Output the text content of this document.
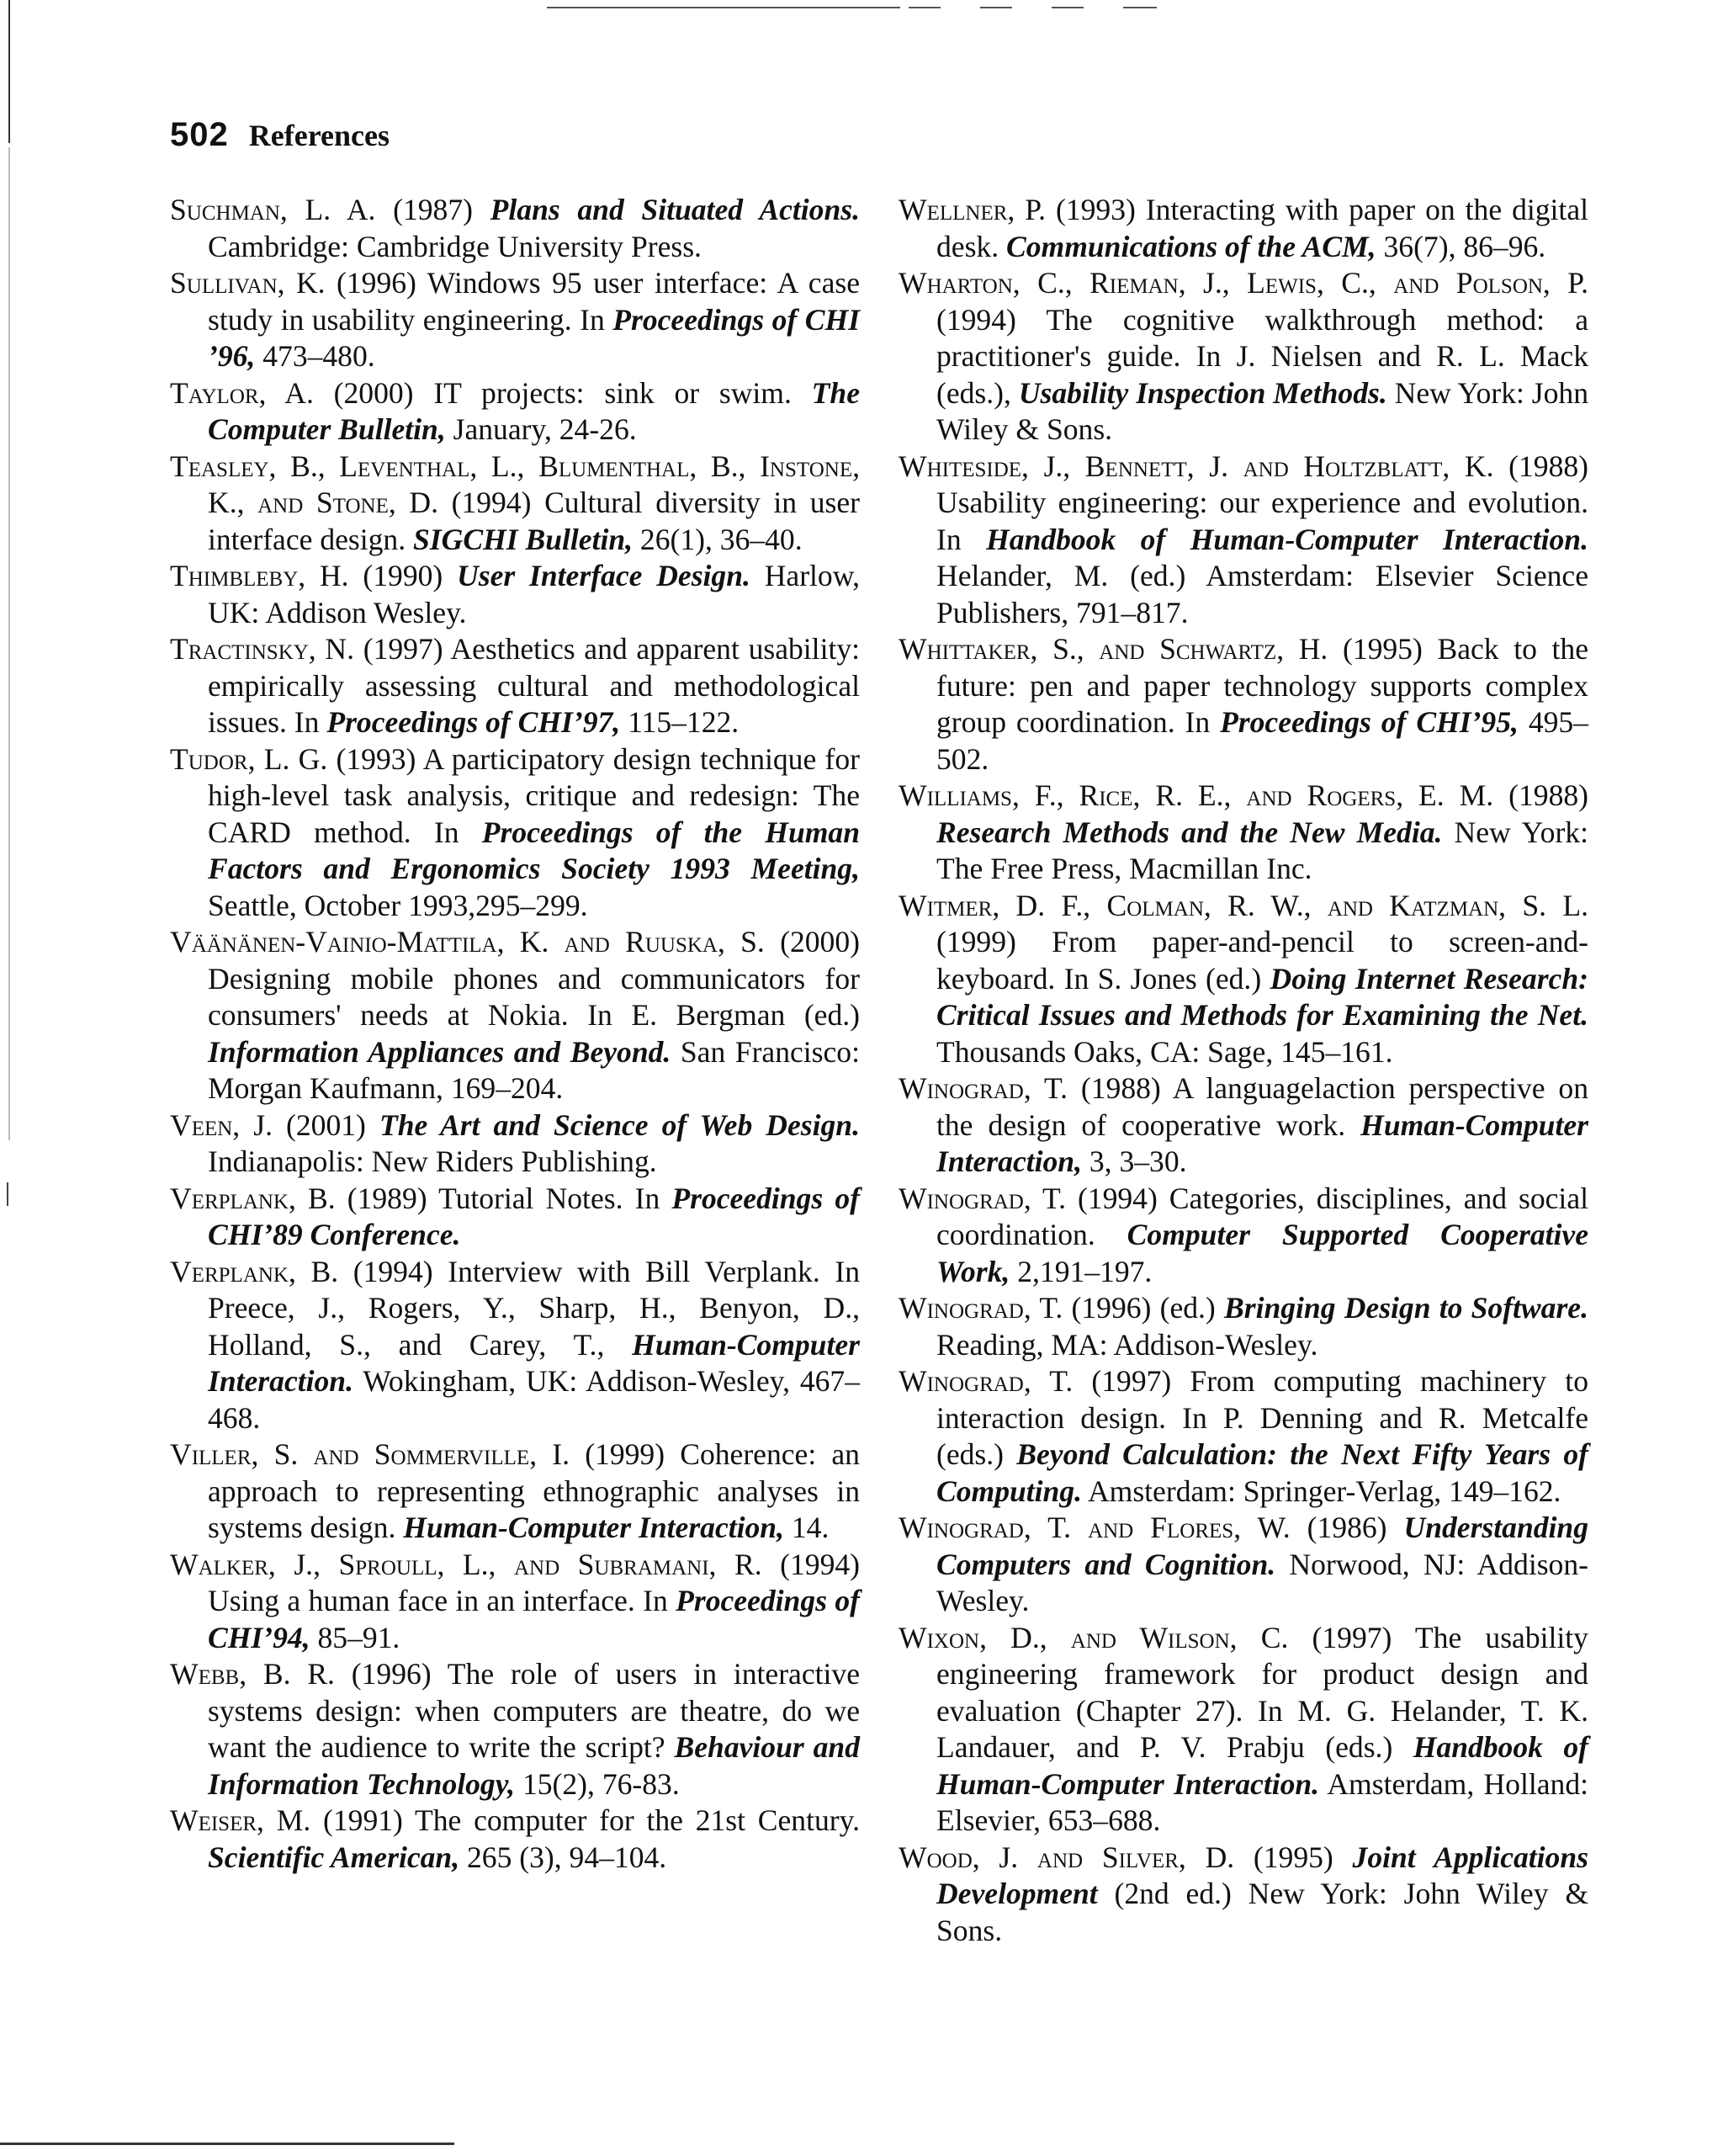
502 References

Suchman, L. A. (1987) Plans and Situated Actions. Cambridge: Cambridge University Press.

Sullivan, K. (1996) Windows 95 user interface: A case study in usability engineering. In Proceedings of CHI ’96, 473–480.

Taylor, A. (2000) IT projects: sink or swim. The Computer Bulletin, January, 24-26.

Teasley, B., Leventhal, L., Blumenthal, B., Instone, K., and Stone, D. (1994) Cultural diversity in user interface design. SIGCHI Bulletin, 26(1), 36–40.

Thimbleby, H. (1990) User Interface Design. Harlow, UK: Addison Wesley.

Tractinsky, N. (1997) Aesthetics and apparent usability: empirically assessing cultural and methodological issues. In Proceedings of CHI’97, 115–122.

Tudor, L. G. (1993) A participatory design technique for high-level task analysis, critique and redesign: The CARD method. In Proceedings of the Human Factors and Ergonomics Society 1993 Meeting, Seattle, October 1993,295–299.

Väänänen-Vainio-Mattila, K. and Ruuska, S. (2000) Designing mobile phones and communicators for consumers' needs at Nokia. In E. Bergman (ed.) Information Appliances and Beyond. San Francisco: Morgan Kaufmann, 169–204.

Veen, J. (2001) The Art and Science of Web Design. Indianapolis: New Riders Publishing.

Verplank, B. (1989) Tutorial Notes. In Proceedings of CHI’89 Conference.

Verplank, B. (1994) Interview with Bill Verplank. In Preece, J., Rogers, Y., Sharp, H., Benyon, D., Holland, S., and Carey, T., Human-Computer Interaction. Wokingham, UK: Addison-Wesley, 467–468.

Viller, S. and Sommerville, I. (1999) Coherence: an approach to representing ethnographic analyses in systems design. Human-Computer Interaction, 14.

Walker, J., Sproull, L., and Subramani, R. (1994) Using a human face in an interface. In Proceedings of CHI’94, 85–91.

Webb, B. R. (1996) The role of users in interactive systems design: when computers are theatre, do we want the audience to write the script? Behaviour and Information Technology, 15(2), 76-83.

Weiser, M. (1991) The computer for the 21st Century. Scientific American, 265 (3), 94–104.

Wellner, P. (1993) Interacting with paper on the digital desk. Communications of the ACM, 36(7), 86–96.

Wharton, C., Rieman, J., Lewis, C., and Polson, P. (1994) The cognitive walkthrough method: a practitioner's guide. In J. Nielsen and R. L. Mack (eds.), Usability Inspection Methods. New York: John Wiley & Sons.

Whiteside, J., Bennett, J. and Holtzblatt, K. (1988) Usability engineering: our experience and evolution. In Handbook of Human-Computer Interaction. Helander, M. (ed.) Amsterdam: Elsevier Science Publishers, 791–817.

Whittaker, S., and Schwartz, H. (1995) Back to the future: pen and paper technology supports complex group coordination. In Proceedings of CHI’95, 495–502.

Williams, F., Rice, R. E., and Rogers, E. M. (1988) Research Methods and the New Media. New York: The Free Press, Macmillan Inc.

Witmer, D. F., Colman, R. W., and Katzman, S. L. (1999) From paper-and-pencil to screen-and-keyboard. In S. Jones (ed.) Doing Internet Research: Critical Issues and Methods for Examining the Net. Thousands Oaks, CA: Sage, 145–161.

Winograd, T. (1988) A languagelaction perspective on the design of cooperative work. Human-Computer Interaction, 3, 3–30.

Winograd, T. (1994) Categories, disciplines, and social coordination. Computer Supported Cooperative Work, 2,191–197.

Winograd, T. (1996) (ed.) Bringing Design to Software. Reading, MA: Addison-Wesley.

Winograd, T. (1997) From computing machinery to interaction design. In P. Denning and R. Metcalfe (eds.) Beyond Calculation: the Next Fifty Years of Computing. Amsterdam: Springer-Verlag, 149–162.

Winograd, T. and Flores, W. (1986) Understanding Computers and Cognition. Norwood, NJ: Addison-Wesley.

Wixon, D., and Wilson, C. (1997) The usability engineering framework for product design and evaluation (Chapter 27). In M. G. Helander, T. K. Landauer, and P. V. Prabju (eds.) Handbook of Human-Computer Interaction. Amsterdam, Holland: Elsevier, 653–688.

Wood, J. and Silver, D. (1995) Joint Applications Development (2nd ed.) New York: John Wiley & Sons.
